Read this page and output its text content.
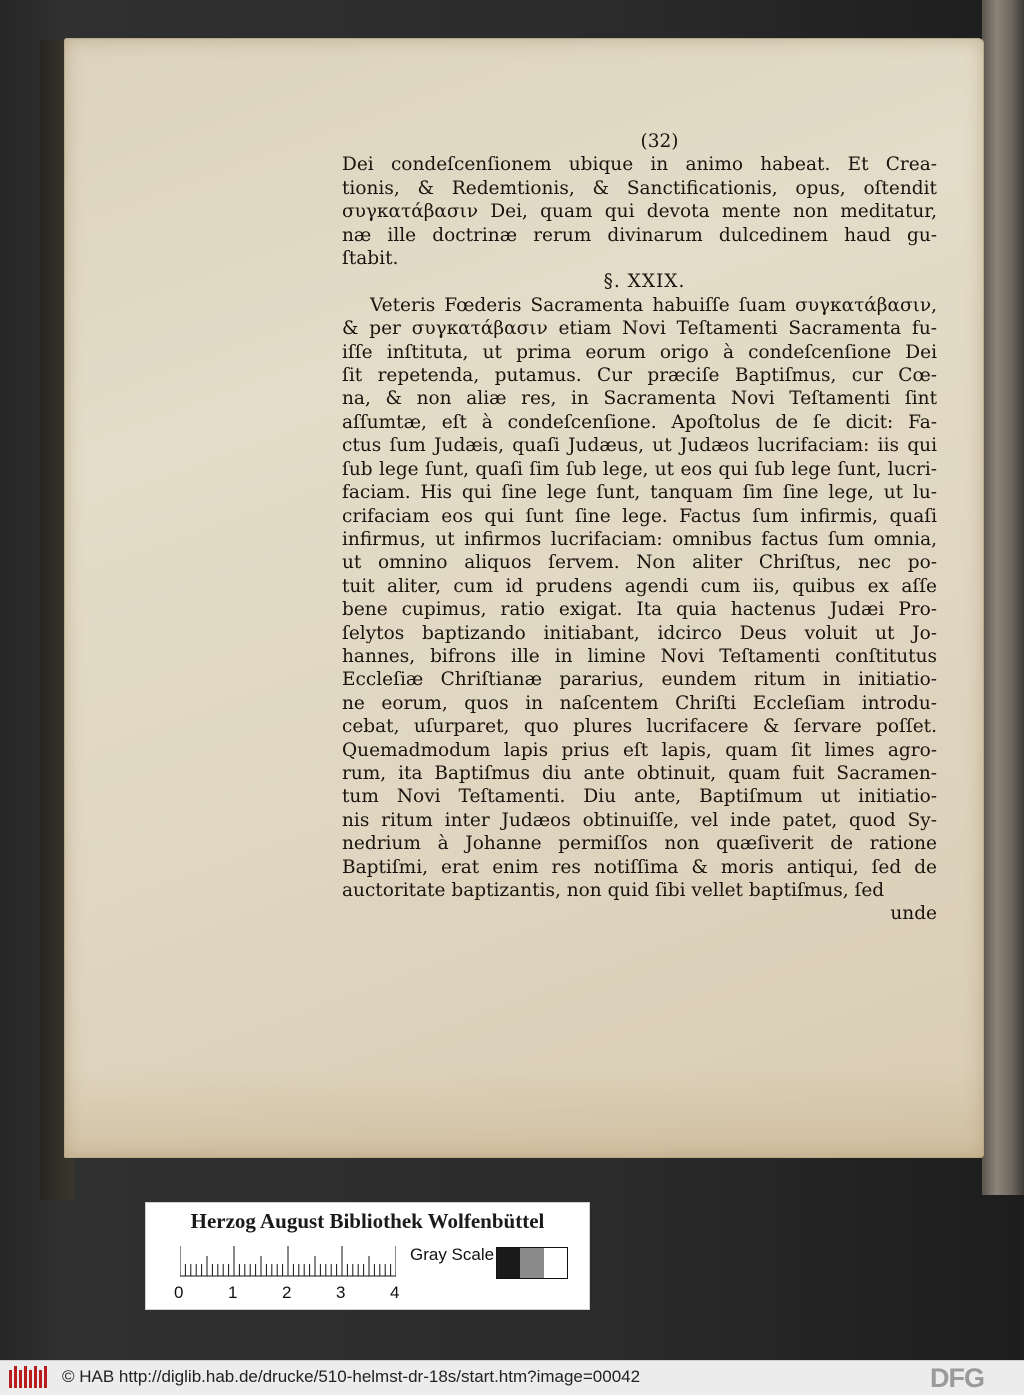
(32)
Dei condeſcenſionem ubique in animo habeat. Et Crea-
tionis, & Redemtionis, & Sanctificationis, opus, oſtendit
συγκατάβασιν Dei, quam qui devota mente non meditatur,
næ ille doctrinæ rerum divinarum dulcedinem haud gu-
ſtabit.
§. XXIX.
Veteris Fœderis Sacramenta habuiſſe ſuam συγκατάβασιν,
& per συγκατάβασιν etiam Novi Teſtamenti Sacramenta fu-
iſſe inſtituta, ut prima eorum origo à condeſcenſione Dei
ſit repetenda, putamus. Cur præciſe Baptiſmus, cur Cœ-
na, & non aliæ res, in Sacramenta Novi Teſtamenti ſint
aſſumtæ, eſt à condeſcenſione. Apoſtolus de ſe dicit: Fa-
ctus ſum Judæis, quaſi Judæus, ut Judæos lucrifaciam: iis qui
ſub lege ſunt, quaſi ſim ſub lege, ut eos qui ſub lege ſunt, lucri-
faciam. His qui ſine lege ſunt, tanquam ſim ſine lege, ut lu-
crifaciam eos qui ſunt ſine lege. Factus ſum infirmis, quaſi
infirmus, ut infirmos lucrifaciam: omnibus factus ſum omnia,
ut omnino aliquos ſervem. Non aliter Chriſtus, nec po-
tuit aliter, cum id prudens agendi cum iis, quibus ex aſſe
bene cupimus, ratio exigat. Ita quia hactenus Judæi Pro-
ſelytos baptizando initiabant, idcirco Deus voluit ut Jo-
hannes, bifrons ille in limine Novi Teſtamenti conſtitutus
Eccleſiæ Chriſtianæ pararius, eundem ritum in initiatio-
ne eorum, quos in naſcentem Chriſti Eccleſiam introdu-
cebat, uſurparet, quo plures lucrifacere & ſervare poſſet.
Quemadmodum lapis prius eſt lapis, quam ſit limes agro-
rum, ita Baptiſmus diu ante obtinuit, quam fuit Sacramen-
tum Novi Teſtamenti. Diu ante, Baptiſmum ut initiatio-
nis ritum inter Judæos obtinuiſſe, vel inde patet, quod Sy-
nedrium à Johanne permiſſos non quæſiverit de ratione
Baptiſmi, erat enim res notiſſima & moris antiqui, ſed de
auctoritate baptizantis, non quid ſibi vellet baptiſmus, ſed
unde
Herzog August Bibliothek Wolfenbüttel
0	1	2	3	4
Gray Scale
© HAB http://diglib.hab.de/drucke/510-helmst-dr-18s/start.htm?image=00042	DFG
